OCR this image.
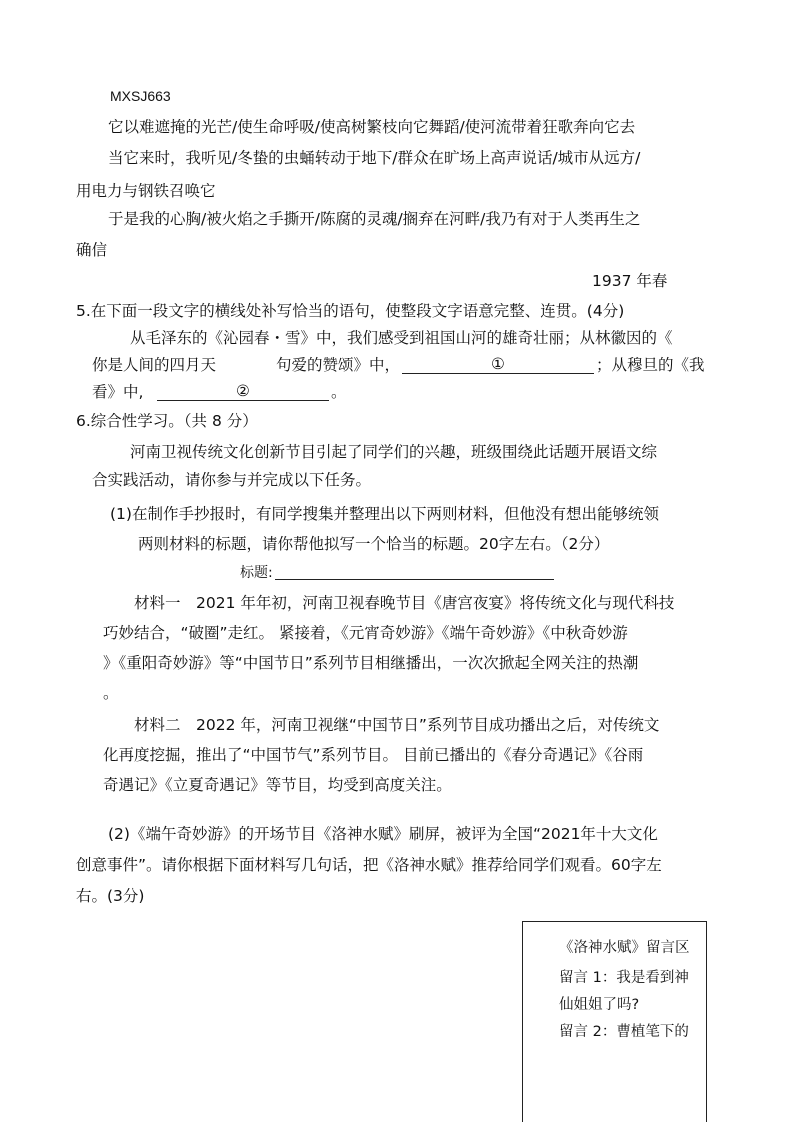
MXSJ663
它以难遮掩的光芒/使生命呼吸/使高树繁枝向它舞蹈/使河流带着狂歌奔向它去
当它来时，我听见/冬蛰的虫蛹转动于地下/群众在旷场上高声说话/城市从远方/
用电力与钢铁召唤它
于是我的心胸/被火焰之手撕开/陈腐的灵魂/搁弃在河畔/我乃有对于人类再生之
确信
1937 年春
5.在下面一段文字的横线处补写恰当的语句，使整段文字语意完整、连贯。(4分)
从毛泽东的《沁园春・雪》中，我们感受到祖国山河的雄奇壮丽；从林徽因的《
你是人间的四月天	句爱的赞颂》中，	①	；从穆旦的《我
看》中,	②	。
6.综合性学习。（共 8 分）
河南卫视传统文化创新节目引起了同学们的兴趣，班级围绕此话题开展语文综
合实践活动，请你参与并完成以下任务。
(1)在制作手抄报时，有同学搜集并整理出以下两则材料，但他没有想出能够统领
两则材料的标题，请你帮他拟写一个恰当的标题。20字左右。（2分）
标题:
材料一　2021 年年初，河南卫视春晚节目《唐宫夜宴》将传统文化与现代科技
巧妙结合，“破圈”走红。 紧接着，《元宵奇妙游》《端午奇妙游》《中秋奇妙游
》《重阳奇妙游》等“中国节日”系列节目相继播出，一次次掀起全网关注的热潮
。
材料二　2022 年，河南卫视继“中国节日”系列节目成功播出之后，对传统文
化再度挖掘，推出了“中国节气”系列节目。 目前已播出的《春分奇遇记》《谷雨
奇遇记》《立夏奇遇记》等节目，均受到高度关注。
(2)《端午奇妙游》的开场节目《洛神水赋》刷屏，被评为全国“2021年十大文化
创意事件”。请你根据下面材料写几句话，把《洛神水赋》推荐给同学们观看。60字左
右。(3分)
《洛神水赋》留言区
留言 1：我是看到神
仙姐姐了吗?
留言 2：曹植笔下的
